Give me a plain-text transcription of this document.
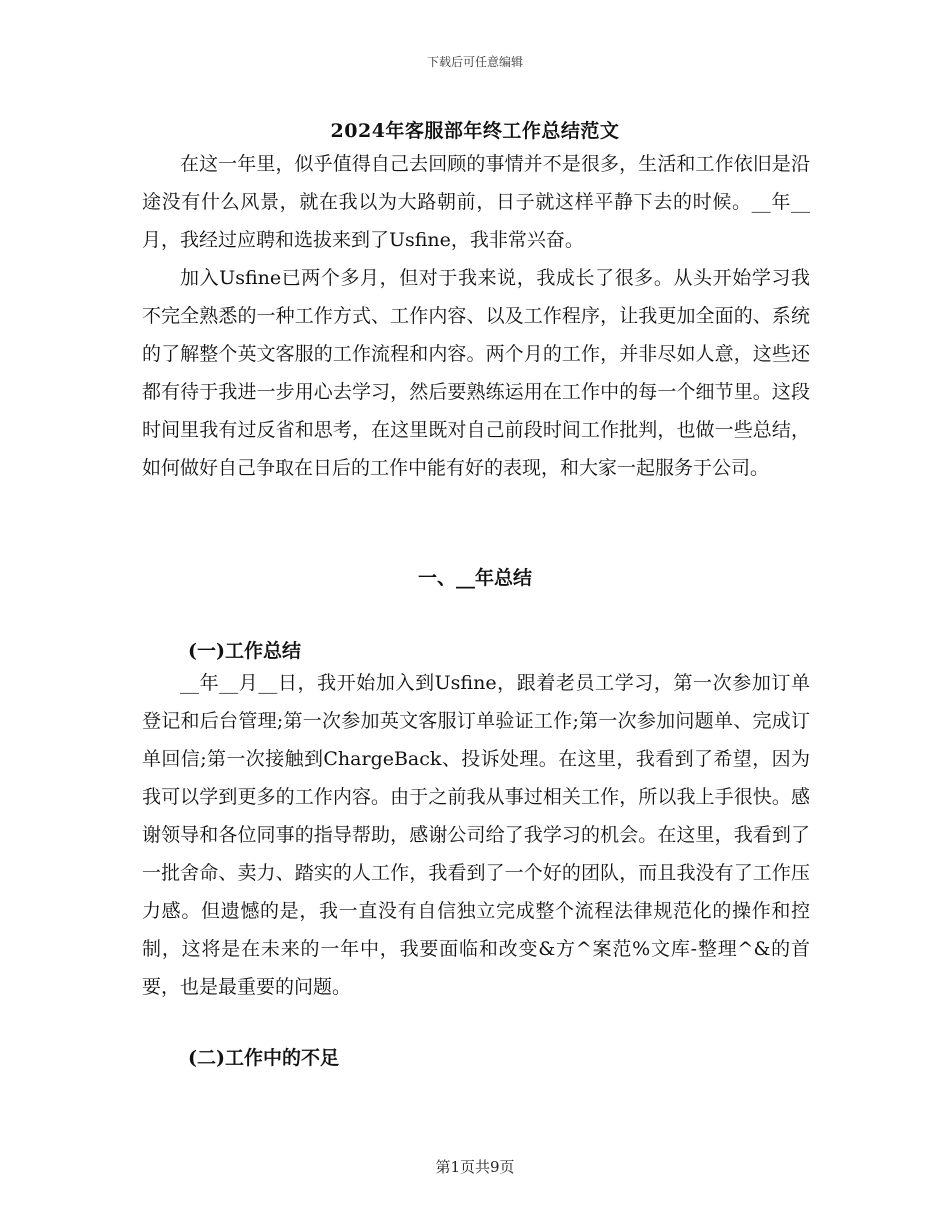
下载后可任意编辑
2024年客服部年终工作总结范文

在这一年里，似乎值得自己去回顾的事情并不是很多，生活和工作依旧是沿途没有什么风景，就在我以为大路朝前，日子就这样平静下去的时候。__年__月，我经过应聘和选拔来到了Usfine，我非常兴奋。

加入Usfine已两个多月，但对于我来说，我成长了很多。从头开始学习我不完全熟悉的一种工作方式、工作内容、以及工作程序，让我更加全面的、系统的了解整个英文客服的工作流程和内容。两个月的工作，并非尽如人意，这些还都有待于我进一步用心去学习，然后要熟练运用在工作中的每一个细节里。这段时间里我有过反省和思考，在这里既对自己前段时间工作批判，也做一些总结，如何做好自己争取在日后的工作中能有好的表现，和大家一起服务于公司。

一、__年总结
(一)工作总结

__年__月__日，我开始加入到Usfine，跟着老员工学习，第一次参加订单登记和后台管理;第一次参加英文客服订单验证工作;第一次参加问题单、完成订单回信;第一次接触到ChargeBack、投诉处理。在这里，我看到了希望，因为我可以学到更多的工作内容。由于之前我从事过相关工作，所以我上手很快。感谢领导和各位同事的指导帮助，感谢公司给了我学习的机会。在这里，我看到了一批舍命、卖力、踏实的人工作，我看到了一个好的团队，而且我没有了工作压力感。但遗憾的是，我一直没有自信独立完成整个流程法律规范化的操作和控制，这将是在未来的一年中，我要面临和改变&方^案范%文库-整理^&的首要，也是最重要的问题。

(二)工作中的不足
第1页共9页
